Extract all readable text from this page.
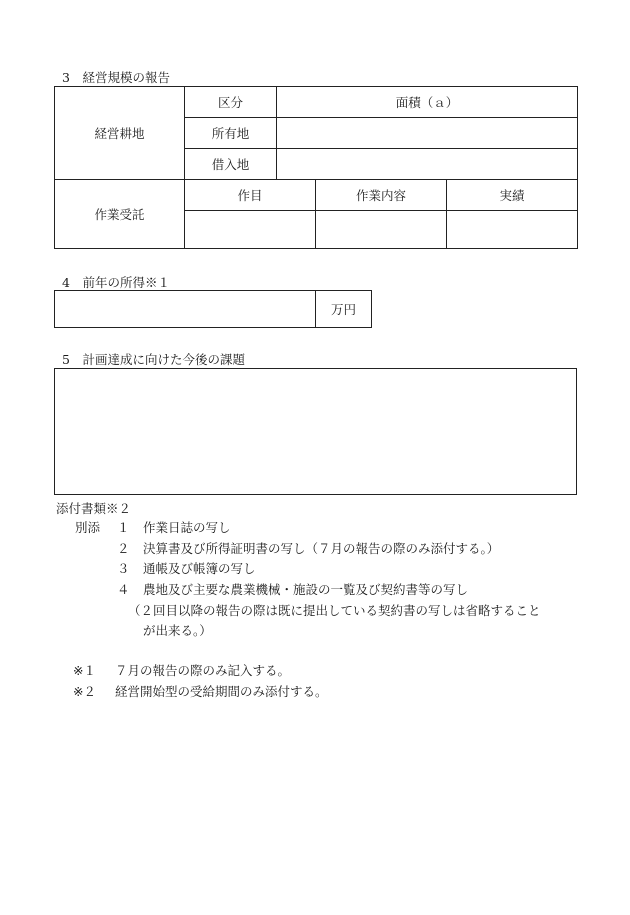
3　経営規模の報告
経営耕地	区分	面積（ａ）
	所有地	
	借入地	
作業受託	作目	作業内容	実績

4　前年の所得※１
万円
5　計画達成に向けた今後の課題
添付書類※２
別添 １ 作業日誌の写し
２ 決算書及び所得証明書の写し（７月の報告の際のみ添付する。）
３ 通帳及び帳簿の写し
４ 農地及び主要な農業機械・施設の一覧及び契約書等の写し
（２回目以降の報告の際は既に提出している契約書の写しは省略すること
が出来る。）
※１ ７月の報告の際のみ記入する。
※２ 経営開始型の受給期間のみ添付する。
